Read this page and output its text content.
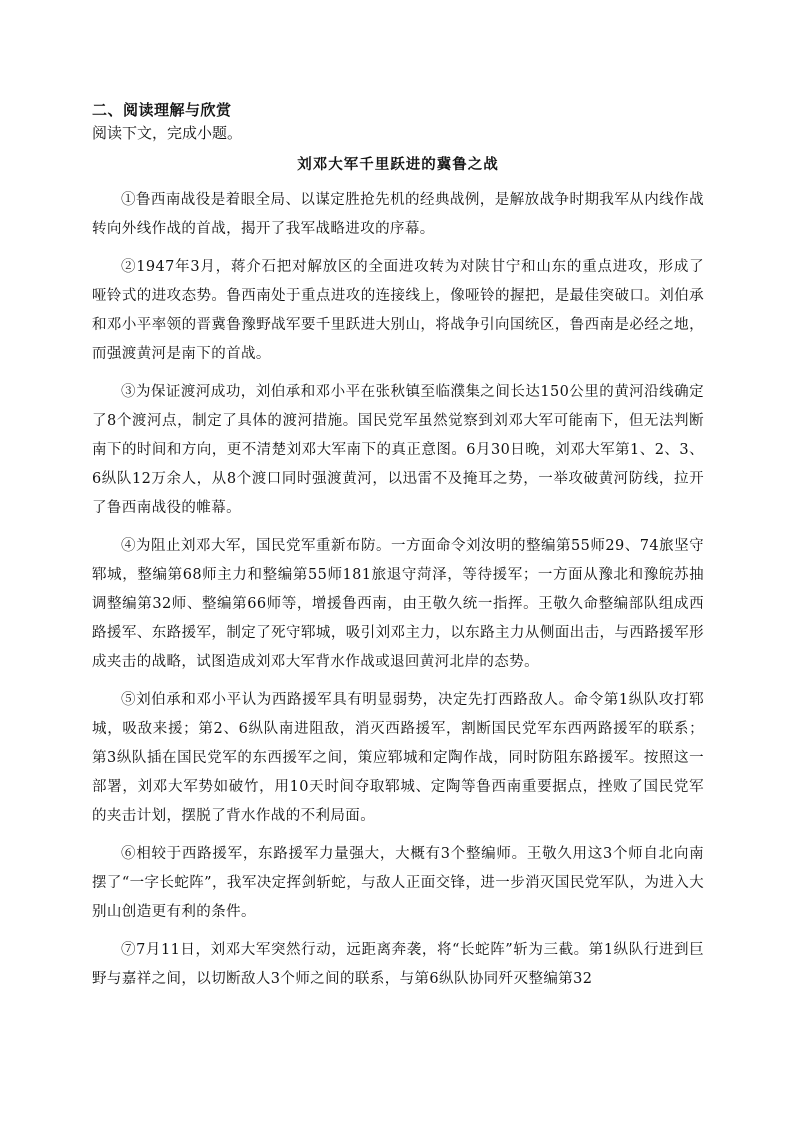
二、阅读理解与欣赏

阅读下文，完成小题。

刘邓大军千里跃进的冀鲁之战

①鲁西南战役是着眼全局、以谋定胜抢先机的经典战例，是解放战争时期我军从内线作战转向外线作战的首战，揭开了我军战略进攻的序幕。

②1947年3月，蒋介石把对解放区的全面进攻转为对陕甘宁和山东的重点进攻，形成了哑铃式的进攻态势。鲁西南处于重点进攻的连接线上，像哑铃的握把，是最佳突破口。刘伯承和邓小平率领的晋冀鲁豫野战军要千里跃进大别山，将战争引向国统区，鲁西南是必经之地，而强渡黄河是南下的首战。

③为保证渡河成功，刘伯承和邓小平在张秋镇至临濮集之间长达150公里的黄河沿线确定了8个渡河点，制定了具体的渡河措施。国民党军虽然觉察到刘邓大军可能南下，但无法判断南下的时间和方向，更不清楚刘邓大军南下的真正意图。6月30日晚，刘邓大军第1、2、3、6纵队12万余人，从8个渡口同时强渡黄河，以迅雷不及掩耳之势，一举攻破黄河防线，拉开了鲁西南战役的帷幕。

④为阻止刘邓大军，国民党军重新布防。一方面命令刘汝明的整编第55师29、74旅坚守郓城，整编第68师主力和整编第55师181旅退守菏泽，等待援军；一方面从豫北和豫皖苏抽调整编第32师、整编第66师等，增援鲁西南，由王敬久统一指挥。王敬久命整编部队组成西路援军、东路援军，制定了死守郓城，吸引刘邓主力，以东路主力从侧面出击，与西路援军形成夹击的战略，试图造成刘邓大军背水作战或退回黄河北岸的态势。

⑤刘伯承和邓小平认为西路援军具有明显弱势，决定先打西路敌人。命令第1纵队攻打郓城，吸敌来援；第2、6纵队南进阻敌，消灭西路援军，割断国民党军东西两路援军的联系；第3纵队插在国民党军的东西援军之间，策应郓城和定陶作战，同时防阻东路援军。按照这一部署，刘邓大军势如破竹，用10天时间夺取郓城、定陶等鲁西南重要据点，挫败了国民党军的夹击计划，摆脱了背水作战的不利局面。

⑥相较于西路援军，东路援军力量强大，大概有3个整编师。王敬久用这3个师自北向南摆了“一字长蛇阵”，我军决定挥剑斩蛇，与敌人正面交锋，进一步消灭国民党军队，为进入大别山创造更有利的条件。

⑦7月11日，刘邓大军突然行动，远距离奔袭，将“长蛇阵”斩为三截。第1纵队行进到巨野与嘉祥之间，以切断敌人3个师之间的联系，与第6纵队协同歼灭整编第32
